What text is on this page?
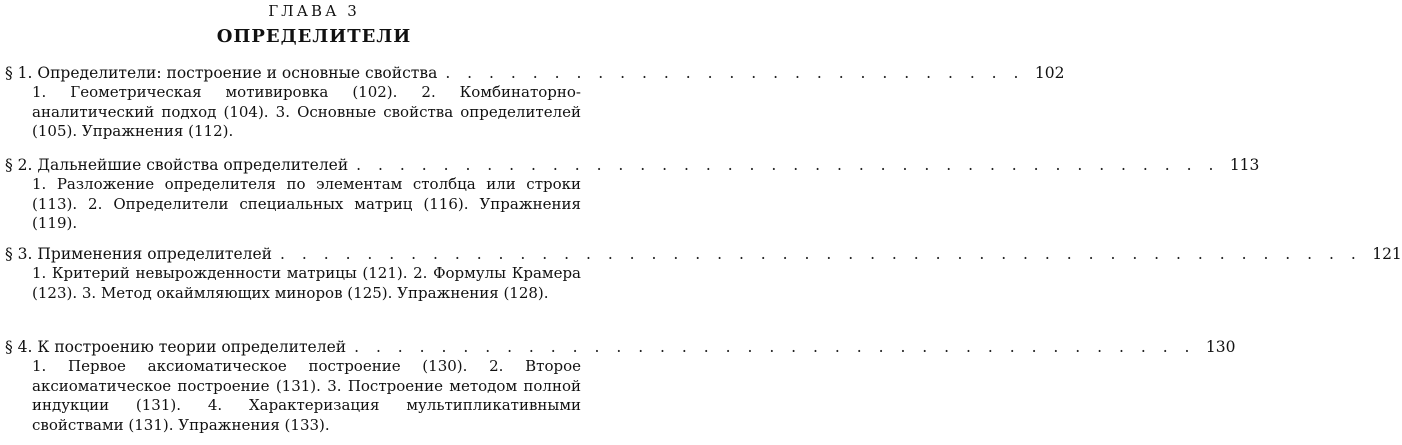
ГЛАВА 3
ОПРЕДЕЛИТЕЛИ
§ 1. Определители: построение и основные свойства . . . . . . . . . . . . . . . . . . . . . . . . . . . 102
1. Геометрическая мотивировка (102). 2. Комбинаторно-аналитический подход (104). 3. Основные свойства определителей (105). Упражнения (112).
§ 2. Дальнейшие свойства определителей . . . . . . . . . . . . . . . . . . . . . . . . . . . . . . . . . . . . . . . . 113
1. Разложение определителя по элементам столбца или строки (113). 2. Определители специальных матриц (116). Упражнения (119).
§ 3. Применения определителей . . . . . . . . . . . . . . . . . . . . . . . . . . . . . . . . . . . . . . . . . . . . . . . . . . 121
1. Критерий невырожденности матрицы (121). 2. Формулы Крамера (123). 3. Метод окаймляющих миноров (125). Упражнения (128).
§ 4. К построению теории определителей . . . . . . . . . . . . . . . . . . . . . . . . . . . . . . . . . . . . . . . 130
1. Первое аксиоматическое построение (130). 2. Второе аксиоматическое построение (131). 3. Построение методом полной индукции (131). 4. Характеризация мультипликативными свойствами (131). Упражнения (133).
